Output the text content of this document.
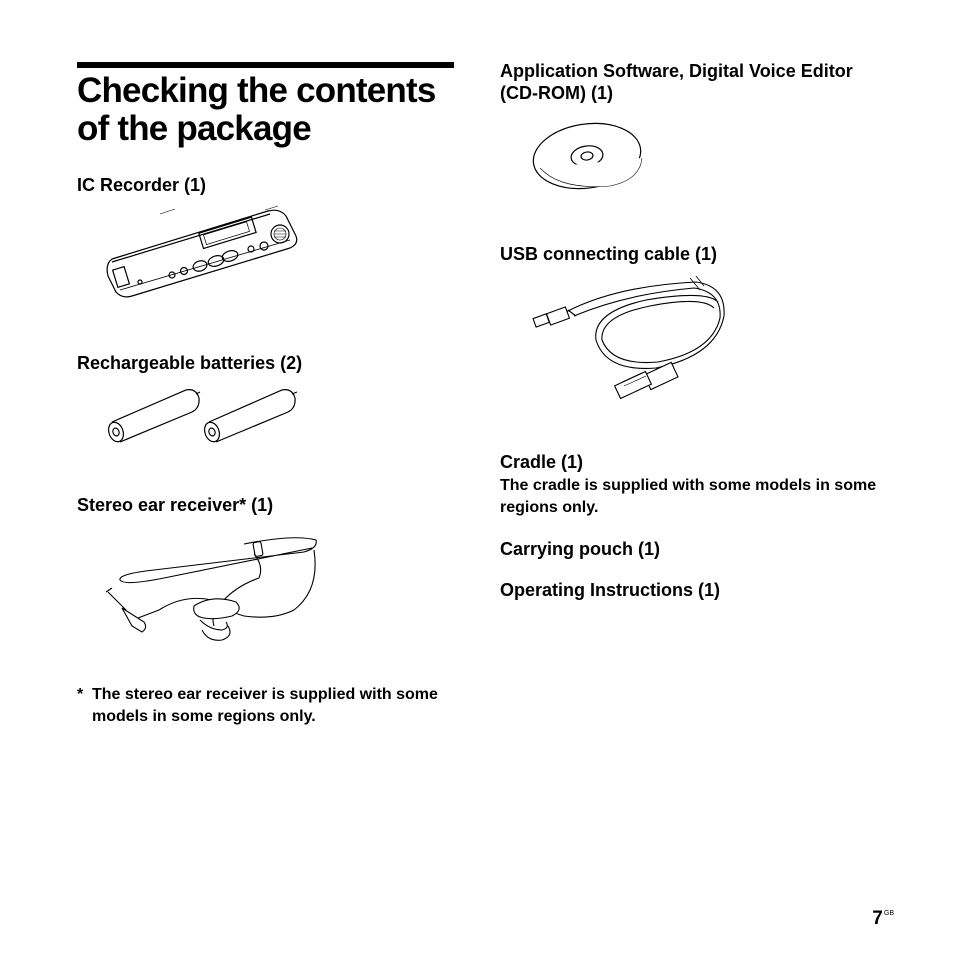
Checking the contents of the package
IC Recorder (1)
Rechargeable batteries (2)
Stereo ear receiver* (1)
* The stereo ear receiver is supplied with some models in some regions only.
Application Software, Digital Voice Editor (CD-ROM) (1)
USB connecting cable (1)
Cradle (1)
The cradle is supplied with some models in some regions only.
Carrying pouch (1)
Operating Instructions (1)
$7^{GB}$
